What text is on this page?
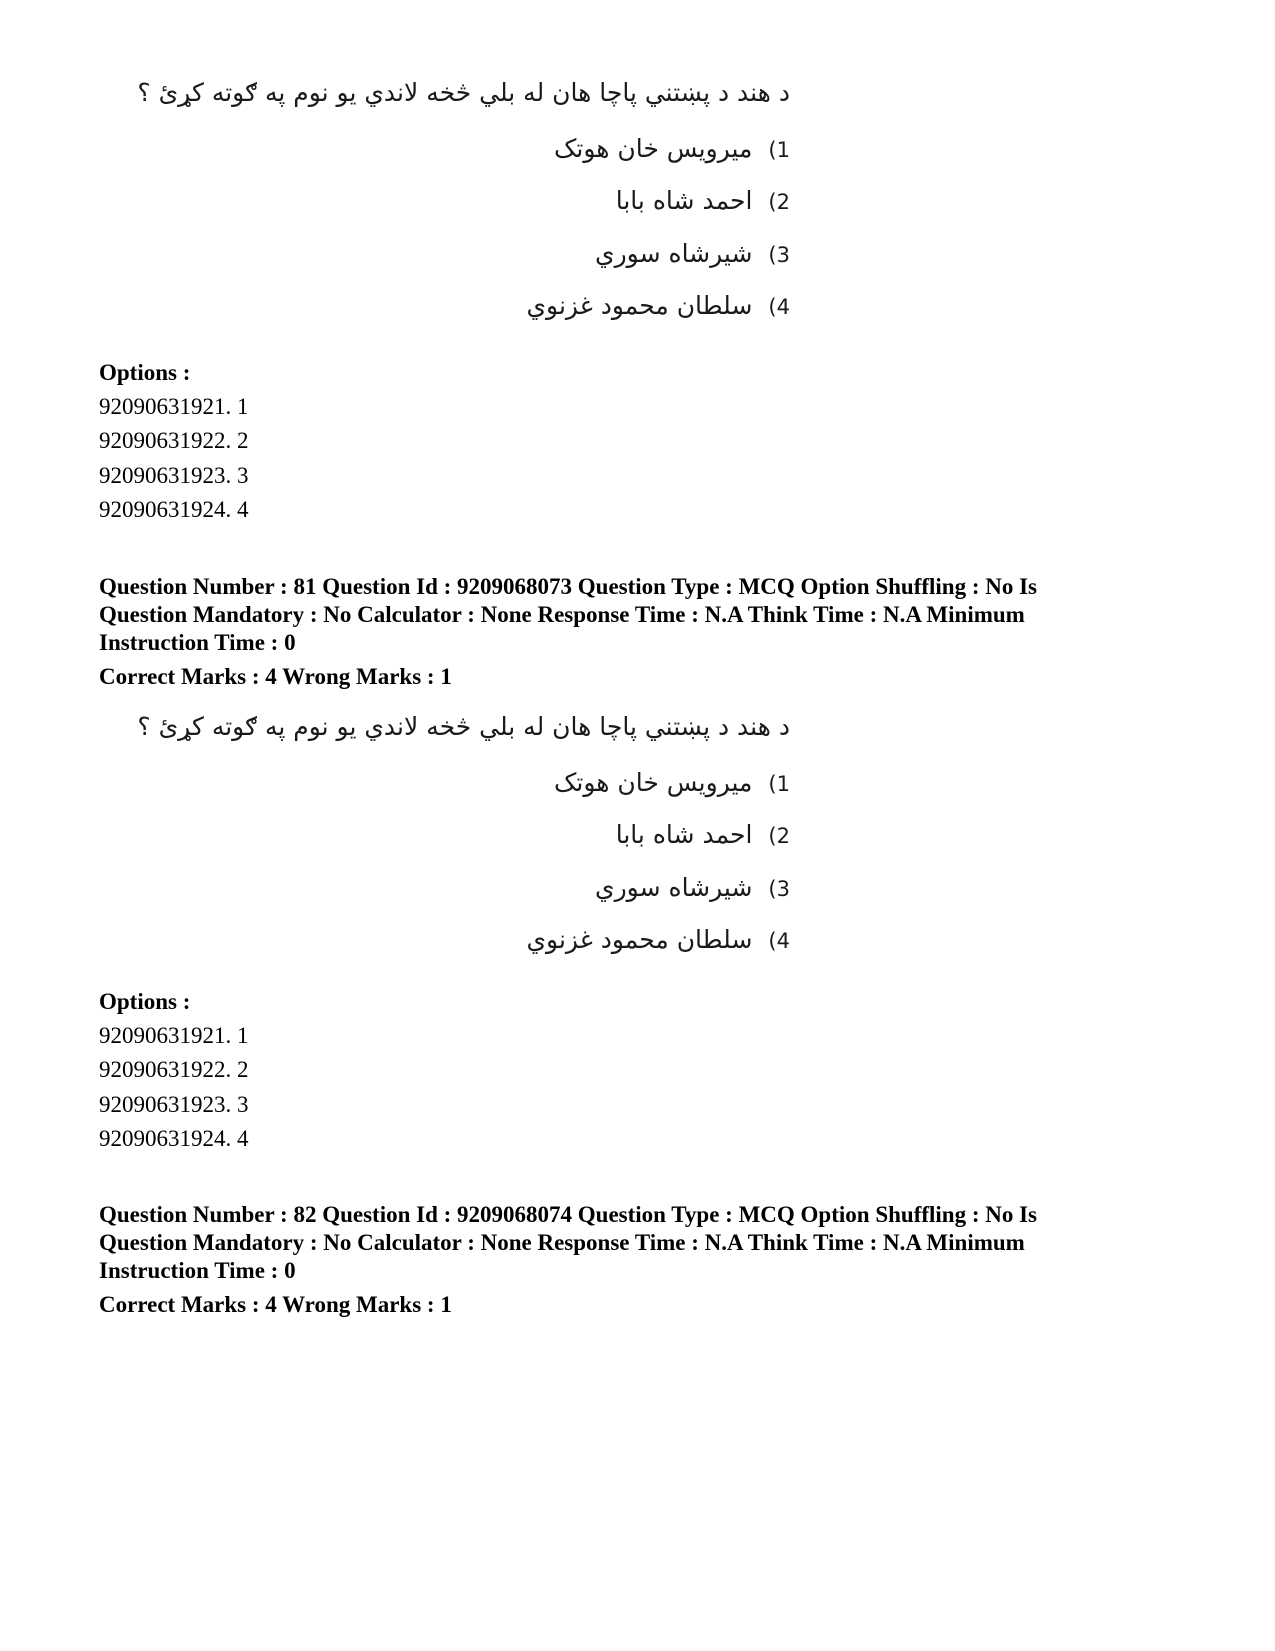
د هند د پښتني پاچا هان له بلي څخه لاندي يو نوم په ګوته کړئ ؟
1)ميرويس خان هوتک
2)احمد شاه بابا
3)شيرشاه سوري
4)سلطان محمود غزنوي
Options :
92090631921. 1
92090631922. 2
92090631923. 3
92090631924. 4
Question Number : 81 Question Id : 9209068073 Question Type : MCQ Option Shuffling : No Is
Question Mandatory : No Calculator : None Response Time : N.A Think Time : N.A Minimum
Instruction Time : 0
Correct Marks : 4 Wrong Marks : 1
د هند د پښتني پاچا هان له بلي څخه لاندي يو نوم په ګوته کړئ ؟
1)ميرويس خان هوتک
2)احمد شاه بابا
3)شيرشاه سوري
4)سلطان محمود غزنوي
Options :
92090631921. 1
92090631922. 2
92090631923. 3
92090631924. 4
Question Number : 82 Question Id : 9209068074 Question Type : MCQ Option Shuffling : No Is
Question Mandatory : No Calculator : None Response Time : N.A Think Time : N.A Minimum
Instruction Time : 0
Correct Marks : 4 Wrong Marks : 1
